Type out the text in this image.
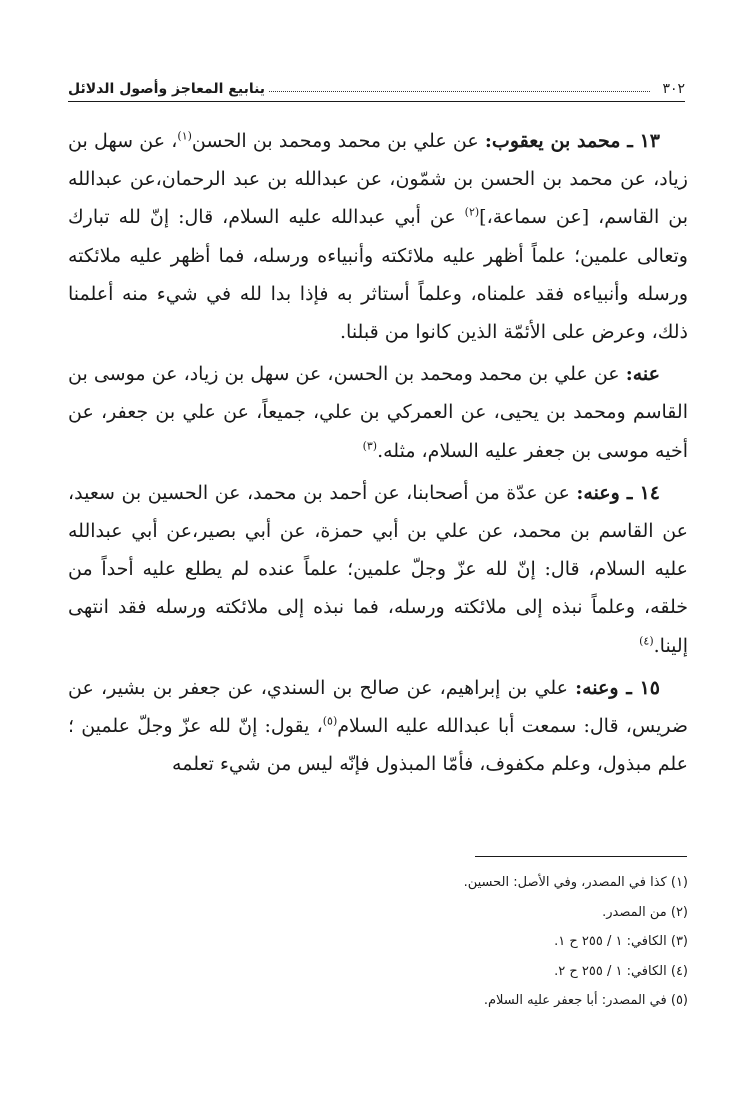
٣٠٢
ينابيع المعاجز وأصول الدلائل

١٣ ـ محمد بن يعقوب: عن علي بن محمد ومحمد بن الحسن$^{(١)}$، عن سهل بن زياد، عن محمد بن الحسن بن شمّون، عن عبدالله بن عبد الرحمان،عن عبدالله بن القاسم، [عن سماعة،]$^{(٢)}$ عن أبي عبدالله عليه السلام، قال: إنّ لله تبارك وتعالى علمين؛ علماً أظهر عليه ملائكته وأنبياءه ورسله، فما أظهر عليه ملائكته ورسله وأنبياءه فقد علمناه، وعلماً أستاثر به فإذا بدا لله في شيء منه أعلمنا ذلك، وعرض على الأئمّة الذين كانوا من قبلنا.

عنه: عن علي بن محمد ومحمد بن الحسن، عن سهل بن زياد، عن موسى بن القاسم ومحمد بن يحيى، عن العمركي بن علي، جميعاً، عن علي بن جعفر، عن أخيه موسى بن جعفر عليه السلام، مثله.$^{(٣)}$

١٤ ـ وعنه: عن عدّة من أصحابنا، عن أحمد بن محمد، عن الحسين بن سعيد، عن القاسم بن محمد، عن علي بن أبي حمزة، عن أبي بصير،عن أبي عبدالله عليه السلام، قال: إنّ لله عزّ وجلّ علمين؛ علماً عنده لم يطلع عليه أحداً من خلقه، وعلماً نبذه إلى ملائكته ورسله، فما نبذه إلى ملائكته ورسله فقد انتهى إلينا.$^{(٤)}$

١٥ ـ وعنه: علي بن إبراهيم، عن صالح بن السندي، عن جعفر بن بشير، عن ضريس، قال: سمعت أبا عبدالله عليه السلام$^{(٥)}$، يقول: إنّ لله عزّ وجلّ علمين ؛ علم مبذول، وعلم مكفوف، فأمّا المبذول فإنّه ليس من شيء تعلمه

(١) كذا في المصدر، وفي الأصل: الحسين.
(٢) من المصدر.
(٣) الكافي: ١ / ٢٥٥ ح ١.
(٤) الكافي: ١ / ٢٥٥ ح ٢.
(٥) في المصدر: أبا جعفر عليه السلام.
